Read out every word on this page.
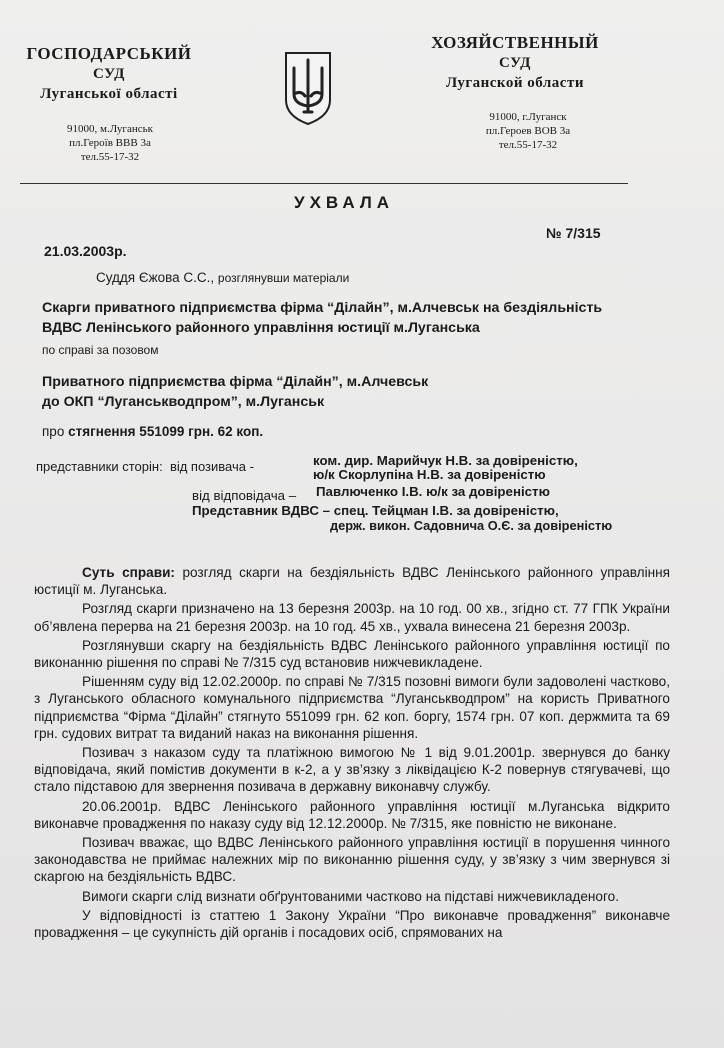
ГОСПОДАРСЬКИЙ
СУД
Луганської області
91000, м.Луганськ
пл.Героїв ВВВ 3а
тел.55-17-32
ХОЗЯЙСТВЕННЫЙ
СУД
Луганской области
91000, г.Луганск
пл.Героев ВОВ 3а
тел.55-17-32
УХВАЛА
№ 7/315
21.03.2003р.
Суддя Єжова С.С., розглянувши матеріали
Скарги приватного підприємства фірма “Ділайн”, м.Алчевськ на бездіяльність
ВДВС Ленінського районного управління юстиції м.Луганська
по справі за позовом
Приватного підприємства фірма “Ділайн”, м.Алчевськ
до ОКП “Луганськводпром”, м.Луганськ
про стягнення 551099 грн. 62 коп.
представники сторін: від позивача -	ком. дир. Марийчук Н.В. за довіреністю,
ю/к Скорлупіна Н.В. за довіреністю
від відповідача – Павлюченко І.В. ю/к за довіреністю
Представник ВДВС – спец. Тейцман І.В. за довіреністю,
держ. викон. Садовнича О.Є. за довіреністю

Суть справи: розгляд скарги на бездіяльність ВДВС Ленінського районного управління юстиції м. Луганська.

Розгляд скарги призначено на 13 березня 2003р. на 10 год. 00 хв., згідно ст. 77 ГПК України об’явлена перерва на 21 березня 2003р. на 10 год. 45 хв., ухвала винесена 21 березня 2003р.

Розглянувши скаргу на бездіяльність ВДВС Ленінського районного управління юстиції по виконанню рішення по справі № 7/315 суд встановив нижчевикладене.

Рішенням суду від 12.02.2000р. по справі № 7/315 позовні вимоги були задоволені частково, з Луганського обласного комунального підприємства “Луганськводпром” на користь Приватного підприємства “Фірма “Ділайн” стягнуто 551099 грн. 62 коп. боргу, 1574 грн. 07 коп. держмита та 69 грн. судових витрат та виданий наказ на виконання рішення.

Позивач з наказом суду та платіжною вимогою № 1 від 9.01.2001р. звернувся до банку відповідача, який помістив документи в к-2, а у зв’язку з ліквідацією К-2 повернув стягувачеві, що стало підставою для звернення позивача в державну виконавчу службу.

20.06.2001р. ВДВС Ленінського районного управління юстиції м.Луганська відкрито виконавче провадження по наказу суду від 12.12.2000р. № 7/315, яке повністю не виконане.

Позивач вважає, що ВДВС Ленінського районного управління юстиції в порушення чинного законодавства не приймає належних мір по виконанню рішення суду, у зв’язку з чим звернувся зі скаргою на бездіяльність ВДВС.

Вимоги скарги слід визнати обґрунтованими частково на підставі нижчевикладеного.

У відповідності із статтею 1 Закону України “Про виконавче провадження” виконавче провадження – це сукупність дій органів і посадових осіб, спрямованих на
